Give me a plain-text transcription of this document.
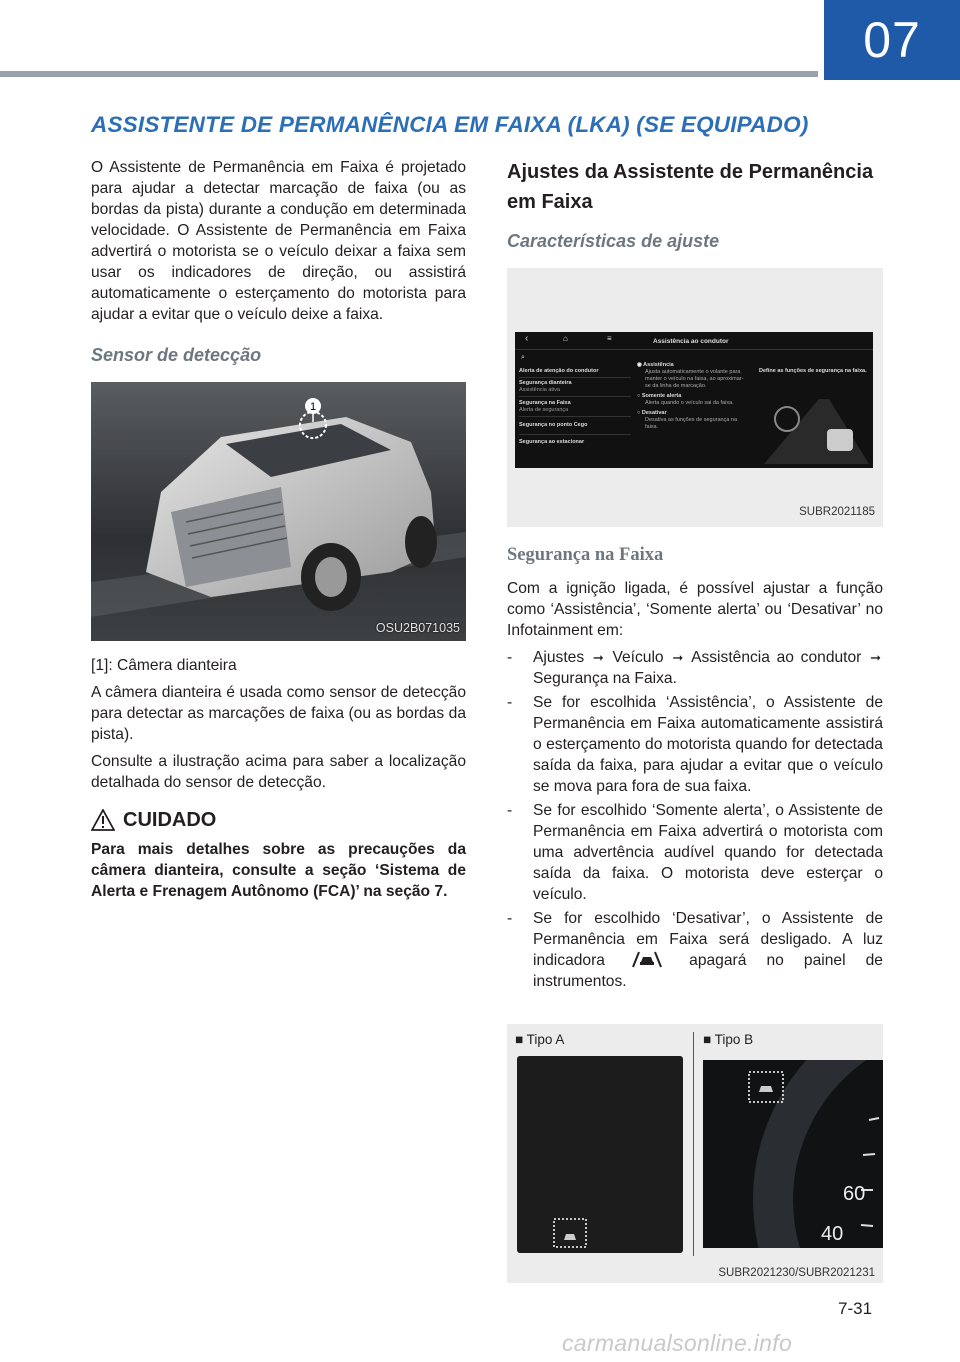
07
ASSISTENTE DE PERMANÊNCIA EM FAIXA (LKA) (SE EQUIPADO)

O Assistente de Permanência em Faixa é projetado para ajudar a detectar marcação de faixa (ou as bordas da pista) durante a condução em determinada velocidade. O Assistente de Permanência em Faixa advertirá o motorista se o veículo deixar a faixa sem usar os indicadores de direção, ou assistirá automaticamente o esterçamento do motorista para ajudar a evitar que o veículo deixe a faixa.

Sensor de detecção
1
OSU2B071035

[1]: Câmera dianteira

A câmera dianteira é usada como sensor de detecção para detectar as marcações de faixa (ou as bordas da pista).

Consulte a ilustração acima para saber a localização detalhada do sensor de detecção.

CUIDADO

Para mais detalhes sobre as precauções da câmera dianteira, consulte a seção ‘Sistema de Alerta e Frenagem Autônomo (FCA)’ na seção 7.

Ajustes da Assistente de Permanência em Faixa
Características de ajuste
‹	⌂	≡	Assistência ao condutor
⌕
Alerta de atenção do condutor
Segurança dianteira
Assistência ativa
Segurança na Faixa
Alerta de segurança
Segurança no ponto Cego
Segurança ao estacionar
◉ Assistência
Ajusta automaticamente o volante para manter o veículo na faixa, ao aproximar-se da linha de marcação.
○ Somente alerta
Alerta quando o veículo sai da faixa.
○ Desativar
Desativa as funções de segurança na faixa.
Define as funções de segurança na faixa.
SUBR2021185
Segurança na Faixa

Com a ignição ligada, é possível ajustar a função como ‘Assistência’, ‘Somente alerta’ ou ‘Desativar’ no Infotainment em:

- Ajustes ➞ Veículo ➞ Assistência ao condutor ➞ Segurança na Faixa.
- Se for escolhida ‘Assistência’, o Assistente de Permanência em Faixa automaticamente assistirá o esterçamento do motorista quando for detectada saída da faixa, para ajudar a evitar que o veículo se mova para fora de sua faixa.
- Se for escolhido ‘Somente alerta’, o Assistente de Permanência em Faixa advertirá o motorista com uma advertência audível quando for detectada saída da faixa. O motorista deve esterçar o veículo.
- Se for escolhido ‘Desativar’, o Assistente de Permanência em Faixa será desligado. A luz indicadora	apagará no painel de instrumentos.
■ Tipo A	■ Tipo B
60
40
SUBR2021230/SUBR2021231
7-31
carmanualsonline.info
